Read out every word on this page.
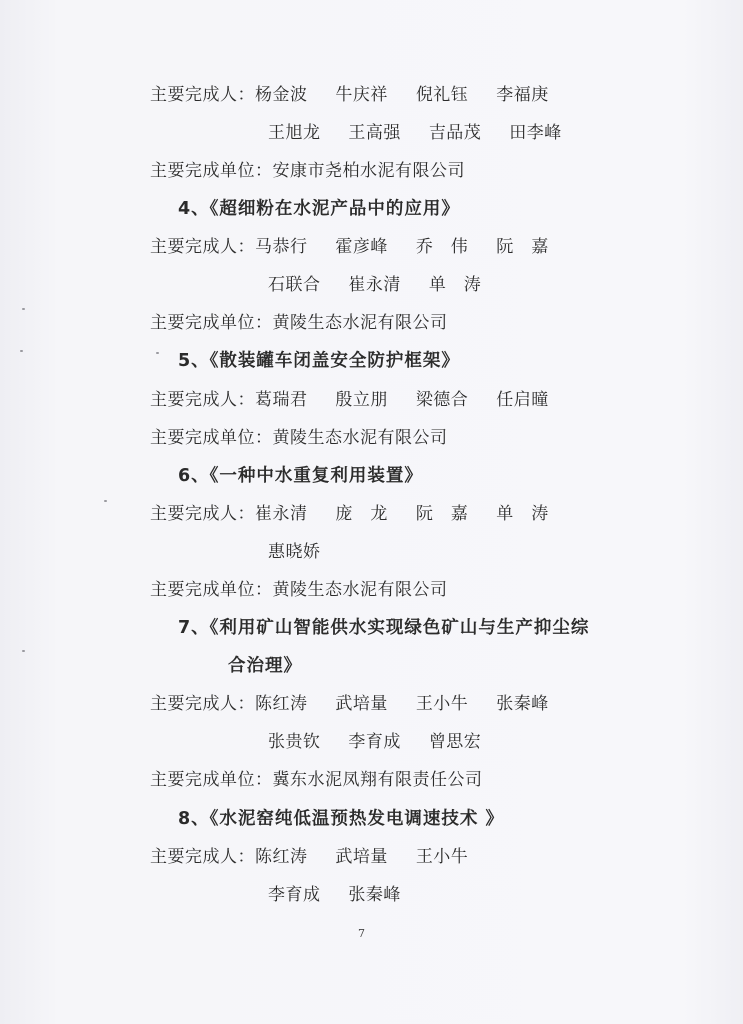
主要完成人：杨金波 牛庆祥 倪礼钰 李福庚
王旭龙 王高强 吉品茂 田李峰
主要完成单位：安康市尧柏水泥有限公司
4、《超细粉在水泥产品中的应用》
主要完成人：马恭行 霍彦峰 乔　伟 阮　嘉
石联合 崔永清 单　涛
主要完成单位：黄陵生态水泥有限公司
5、《散装罐车闭盖安全防护框架》
主要完成人：葛瑞君 殷立朋 梁德合 任启曈
主要完成单位：黄陵生态水泥有限公司
6、《一种中水重复利用装置》
主要完成人：崔永清 庞　龙 阮　嘉 单　涛
惠晓娇
主要完成单位：黄陵生态水泥有限公司
7、《利用矿山智能供水实现绿色矿山与生产抑尘综
合治理》
主要完成人：陈红涛 武培量 王小牛 张秦峰
张贵钦 李育成 曾思宏
主要完成单位：冀东水泥凤翔有限责任公司
8、《水泥窑纯低温预热发电调速技术 》
主要完成人：陈红涛 武培量 王小牛
李育成 张秦峰
7
